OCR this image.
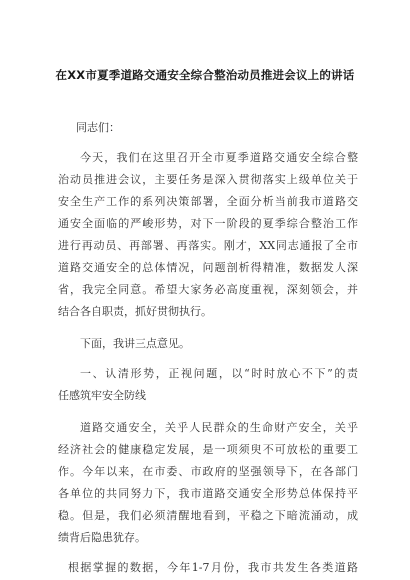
在XX市夏季道路交通安全综合整治动员推进会议上的讲话
同志们：
今天，我们在这里召开全市夏季道路交通安全综合整
治动员推进会议，主要任务是深入贯彻落实上级单位关于
安全生产工作的系列决策部署，全面分析当前我市道路交
通安全面临的严峻形势，对下一阶段的夏季综合整治工作
进行再动员、再部署、再落实。刚才，XX同志通报了全市
道路交通安全的总体情况，问题剖析得精准，数据发人深
省，我完全同意。希望大家务必高度重视，深刻领会，并
结合各自职责，抓好贯彻执行。
下面，我讲三点意见。
一、认清形势，正视问题，以“时时放心不下”的责
任感筑牢安全防线
道路交通安全，关乎人民群众的生命财产安全，关乎
经济社会的健康稳定发展，是一项须臾不可放松的重要工
作。今年以来，在市委、市政府的坚强领导下，在各部门
各单位的共同努力下，我市道路交通安全形势总体保持平
稳。但是，我们必须清醒地看到，平稳之下暗流涌动，成
绩背后隐患犹存。
根据掌握的数据，今年1-7月份，我市共发生各类道路
